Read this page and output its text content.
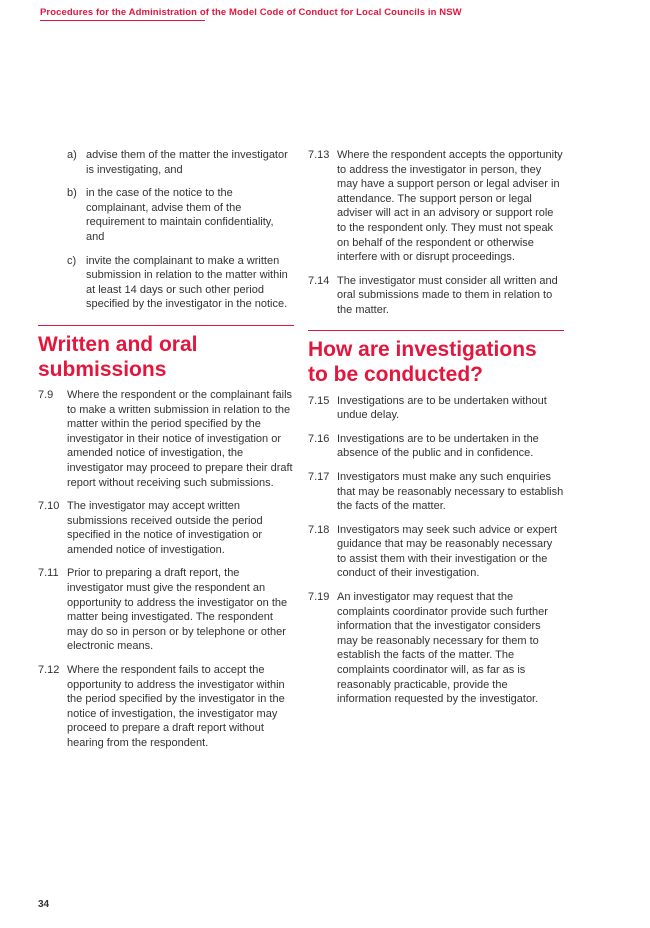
Procedures for the Administration of the Model Code of Conduct for Local Councils in NSW
a) advise them of the matter the investigator is investigating, and
b) in the case of the notice to the complainant, advise them of the requirement to maintain confidentiality, and
c) invite the complainant to make a written submission in relation to the matter within at least 14 days or such other period specified by the investigator in the notice.
Written and oral submissions
7.9	Where the respondent or the complainant fails to make a written submission in relation to the matter within the period specified by the investigator in their notice of investigation or amended notice of investigation, the investigator may proceed to prepare their draft report without receiving such submissions.
7.10 The investigator may accept written submissions received outside the period specified in the notice of investigation or amended notice of investigation.
7.11 Prior to preparing a draft report, the investigator must give the respondent an opportunity to address the investigator on the matter being investigated. The respondent may do so in person or by telephone or other electronic means.
7.12 Where the respondent fails to accept the opportunity to address the investigator within the period specified by the investigator in the notice of investigation, the investigator may proceed to prepare a draft report without hearing from the respondent.
7.13 Where the respondent accepts the opportunity to address the investigator in person, they may have a support person or legal adviser in attendance. The support person or legal adviser will act in an advisory or support role to the respondent only. They must not speak on behalf of the respondent or otherwise interfere with or disrupt proceedings.
7.14 The investigator must consider all written and oral submissions made to them in relation to the matter.
How are investigations to be conducted?
7.15 Investigations are to be undertaken without undue delay.
7.16 Investigations are to be undertaken in the absence of the public and in confidence.
7.17 Investigators must make any such enquiries that may be reasonably necessary to establish the facts of the matter.
7.18 Investigators may seek such advice or expert guidance that may be reasonably necessary to assist them with their investigation or the conduct of their investigation.
7.19 An investigator may request that the complaints coordinator provide such further information that the investigator considers may be reasonably necessary for them to establish the facts of the matter. The complaints coordinator will, as far as is reasonably practicable, provide the information requested by the investigator.
34
